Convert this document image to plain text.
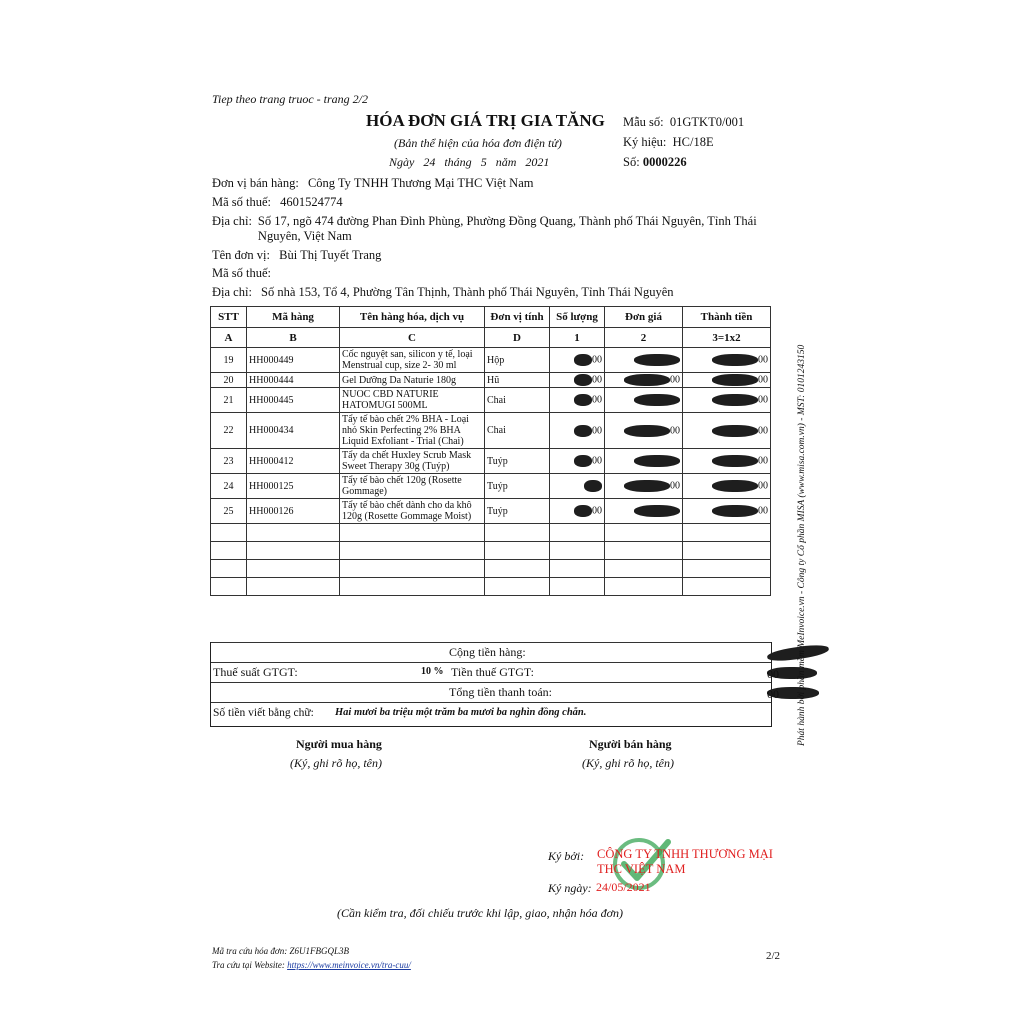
Tiep theo trang truoc - trang 2/2
HÓA ĐƠN GIÁ TRỊ GIA TĂNG
(Bản thể hiện của hóa đơn điện tử)
Ngày 24 tháng 5 năm 2021
Mẫu số: 01GTKT0/001
Ký hiệu: HC/18E
Số: 0000226
Đơn vị bán hàng: Công Ty TNHH Thương Mại THC Việt Nam
Mã số thuế: 4601524774
Địa chỉ: Số 17, ngõ 474 đường Phan Đình Phùng, Phường Đồng Quang, Thành phố Thái Nguyên, Tỉnh Thái Nguyên, Việt Nam
Tên đơn vị: Bùi Thị Tuyết Trang
Mã số thuế:
Địa chỉ: Số nhà 153, Tổ 4, Phường Tân Thịnh, Thành phố Thái Nguyên, Tỉnh Thái Nguyên
STT	Mã hàng	Tên hàng hóa, dịch vụ	Đơn vị tính	Số lượng	Đơn giá	Thành tiền
A	B	C	D	1	2	3=1x2
19	HH000449	Cốc nguyệt san, silicon y tế, loại Menstrual cup, size 2- 30 ml	Hộp	00		00
20	HH000444	Gel Dưỡng Da Naturie 180g	Hũ	00	00	00
21	HH000445	NUOC CBD NATURIE HATOMUGI 500ML	Chai	00		00
22	HH000434	Tẩy tế bào chết 2% BHA - Loại nhỏ Skin Perfecting 2% BHA Liquid Exfoliant - Trial (Chai)	Chai	00	00	00
23	HH000412	Tẩy da chết Huxley Scrub Mask Sweet Therapy 30g (Tuýp)	Tuýp	00		00
24	HH000125	Tẩy tế bào chết 120g (Rosette Gommage)	Tuýp		00	00
25	HH000126	Tẩy tế bào chết dành cho da khô 120g (Rosette Gommage Moist)	Tuýp	00		00

Cộng tiền hàng:
Thuế suất GTGT:	10 % Tiền thuế GTGT:	00
Tổng tiền thanh toán:	00
Số tiền viết bằng chữ: Hai mươi ba triệu một trăm ba mươi ba nghìn đồng chẵn.
Người mua hàng
(Ký, ghi rõ họ, tên)
Người bán hàng
(Ký, ghi rõ họ, tên)
Ký bởi: CÔNG TY TNHH THƯƠNG MẠI THC VIỆT NAM
Ký ngày: 24/05/2021
(Cần kiểm tra, đối chiếu trước khi lập, giao, nhận hóa đơn)
Mã tra cứu hóa đơn: Z6U1FBGQL3B
Tra cứu tại Website: https://www.meinvoice.vn/tra-cuu/
2/2
Phát hành bởi phần mềm MeInvoice.vn - Công ty Cổ phần MISA (www.misa.com.vn) - MST: 0101243150
